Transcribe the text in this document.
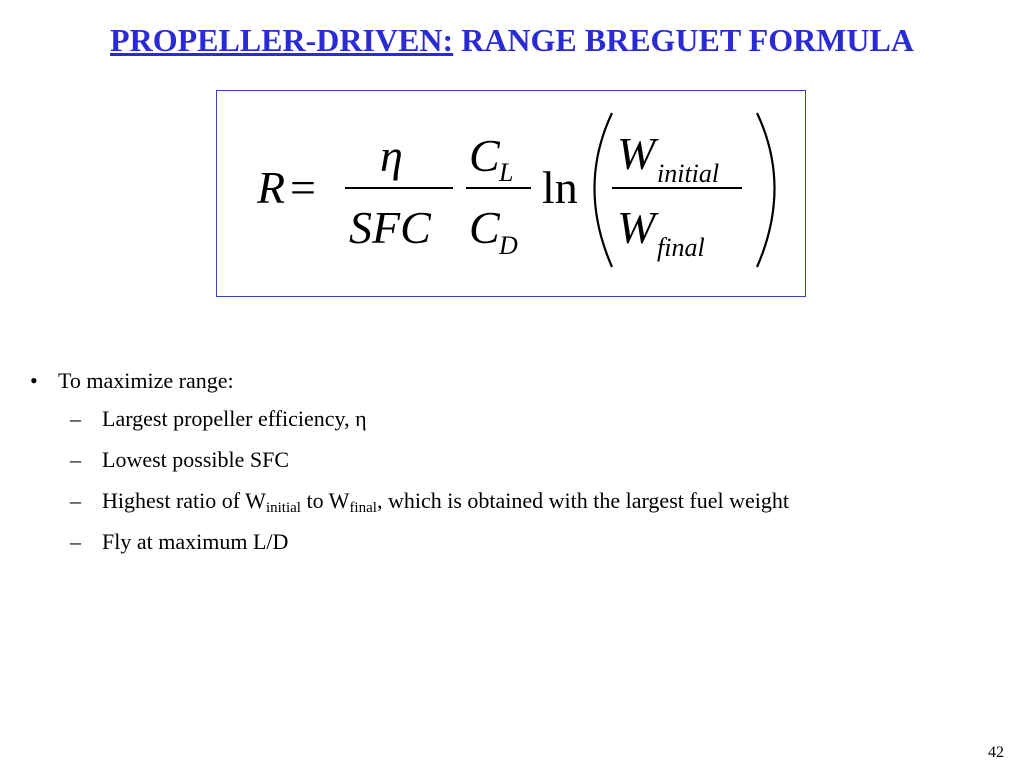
PROPELLER-DRIVEN: RANGE BREGUET FORMULA
R =
η
SFC
C L
C D
ln
W initial
W final
• To maximize range:
– Largest propeller efficiency, η
– Lowest possible SFC
– Highest ratio of $W_{initial}$ to $W_{final}$, which is obtained with the largest fuel weight
– Fly at maximum L/D
42
